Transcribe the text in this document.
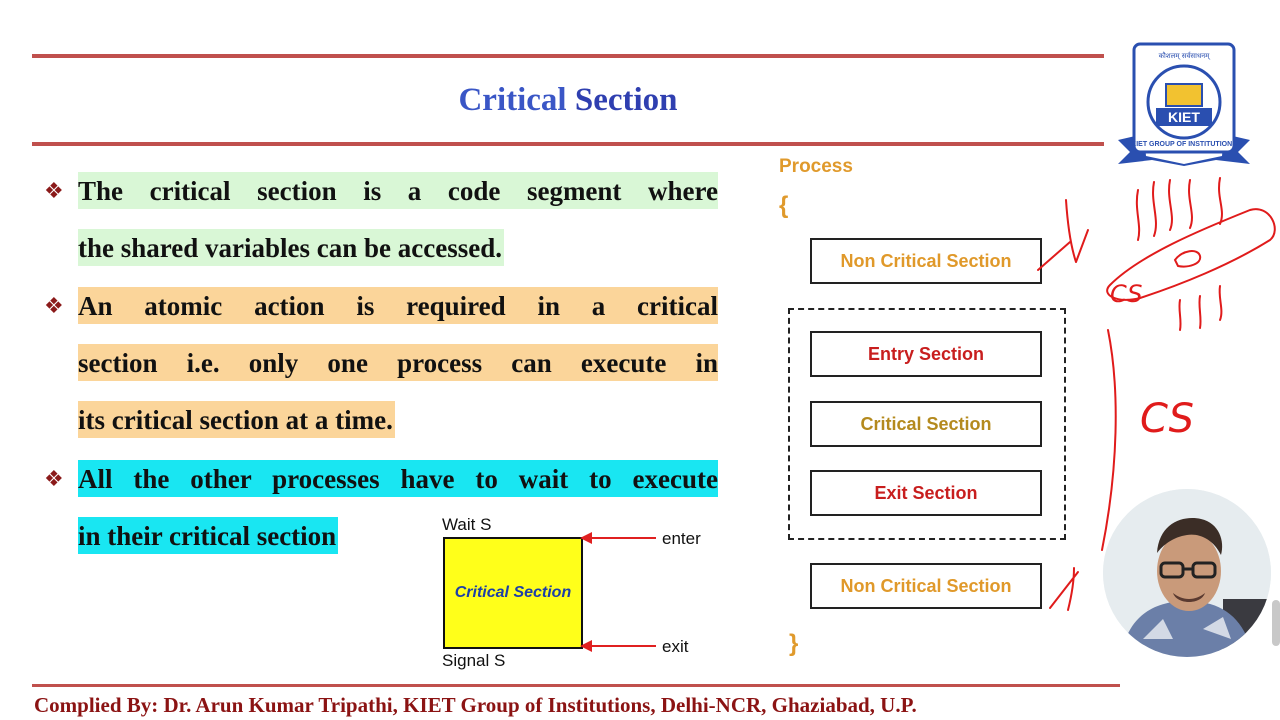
Critical Section
❖ The critical section is a code segment where
the shared variables can be accessed.
❖ An atomic action is required in a critical
section i.e. only one process can execute in
its critical section at a time.
❖ All the other processes have to wait to execute
in their critical section	Wait S
Critical Section
enter
exit
Signal S
Process
{
Non Critical Section
Entry Section
Critical Section
Exit Section
Non Critical Section
}
CS
CS
KIET
कौशलम् सर्वसाधनम्
KIET GROUP OF INSTITUTIONS
Complied By: Dr. Arun Kumar Tripathi, KIET Group of Institutions, Delhi-NCR, Ghaziabad, U.P.
